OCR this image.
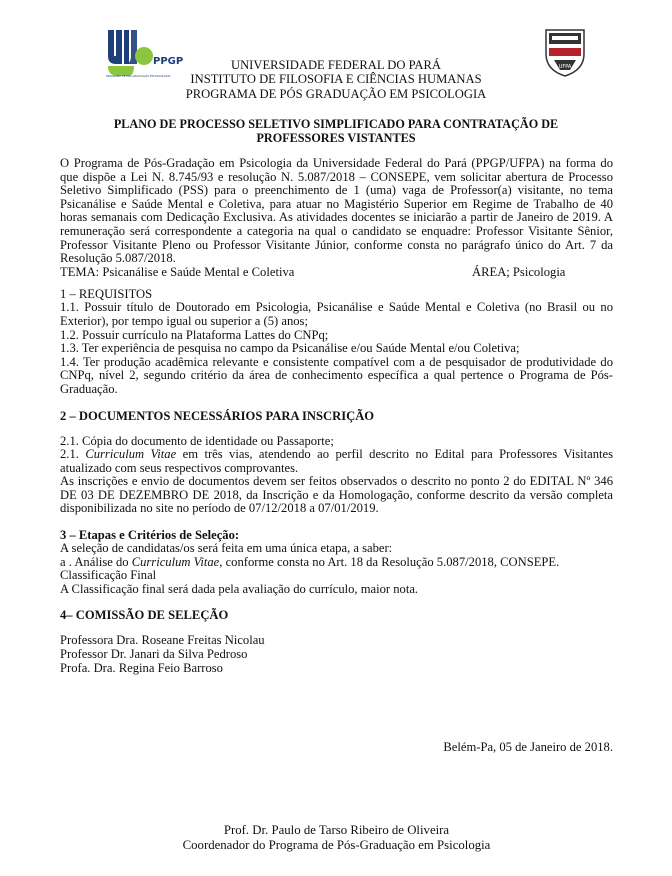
PPGP
PROGRAMA DE PÓS-GRADUAÇÃO EM PSICOLOGIA
UFPA
UNIVERSIDADE FEDERAL DO PARÁ
INSTITUTO DE FILOSOFIA E CIÊNCIAS HUMANAS
PROGRAMA DE PÓS GRADUAÇÃO EM PSICOLOGIA
PLANO DE PROCESSO SELETIVO SIMPLIFICADO PARA CONTRATAÇÃO DE
PROFESSORES VISTANTES

O Programa de Pós-Gradação em Psicologia da Universidade Federal do Pará (PPGP/UFPA) na forma do que dispõe a Lei N. 8.745/93 e resolução N. 5.087/2018 – CONSEPE, vem solicitar abertura de Processo Seletivo Simplificado (PSS) para o preenchimento de 1 (uma) vaga de Professor(a) visitante, no tema Psicanálise e Saúde Mental e Coletiva, para atuar no Magistério Superior em Regime de Trabalho de 40 horas semanais com Dedicação Exclusiva. As atividades docentes se iniciarão a partir de Janeiro de 2019. A remuneração será correspondente a categoria na qual o candidato se enquadre: Professor Visitante Sênior, Professor Visitante Pleno ou Professor Visitante Júnior, conforme consta no parágrafo único do Art. 7 da Resolução 5.087/2018.

TEMA: Psicanálise e Saúde Mental e Coletiva	ÁREA; Psicologia

1 – REQUISITOS

1.1. Possuir título de Doutorado em Psicologia, Psicanálise e Saúde Mental e Coletiva (no Brasil ou no Exterior), por tempo igual ou superior a (5) anos;

1.2. Possuir currículo na Plataforma Lattes do CNPq;

1.3. Ter experiência de pesquisa no campo da Psicanálise e/ou Saúde Mental e/ou Coletiva;

1.4. Ter produção acadêmica relevante e consistente compatível com a de pesquisador de produtividade do CNPq, nível 2, segundo critério da área de conhecimento específica a qual pertence o Programa de Pós-Graduação.

2 – DOCUMENTOS NECESSÁRIOS PARA INSCRIÇÃO

2.1. Cópia do documento de identidade ou Passaporte;

2.1. Curriculum Vitae em três vias, atendendo ao perfil descrito no Edital para Professores Visitantes atualizado com seus respectivos comprovantes.

As inscrições e envio de documentos devem ser feitos observados o descrito no ponto 2 do EDITAL Nº 346 DE 03 DE DEZEMBRO DE 2018, da Inscrição e da Homologação, conforme descrito da versão completa disponibilizada no site no período de 07/12/2018 a 07/01/2019.

3 – Etapas e Critérios de Seleção:

A seleção de candidatas/os será feita em uma única etapa, a saber:

a . Análise do Curriculum Vitae, conforme consta no Art. 18 da Resolução 5.087/2018, CONSEPE.

Classificação Final

A Classificação final será dada pela avaliação do currículo, maior nota.

4– COMISSÃO DE SELEÇÃO

Professora Dra. Roseane Freitas Nicolau

Professor Dr. Janari da Silva Pedroso

Profa. Dra. Regina Feio Barroso

Belém-Pa, 05 de Janeiro de 2018.
Prof. Dr. Paulo de Tarso Ribeiro de Oliveira
Coordenador do Programa de Pós-Graduação em Psicologia
